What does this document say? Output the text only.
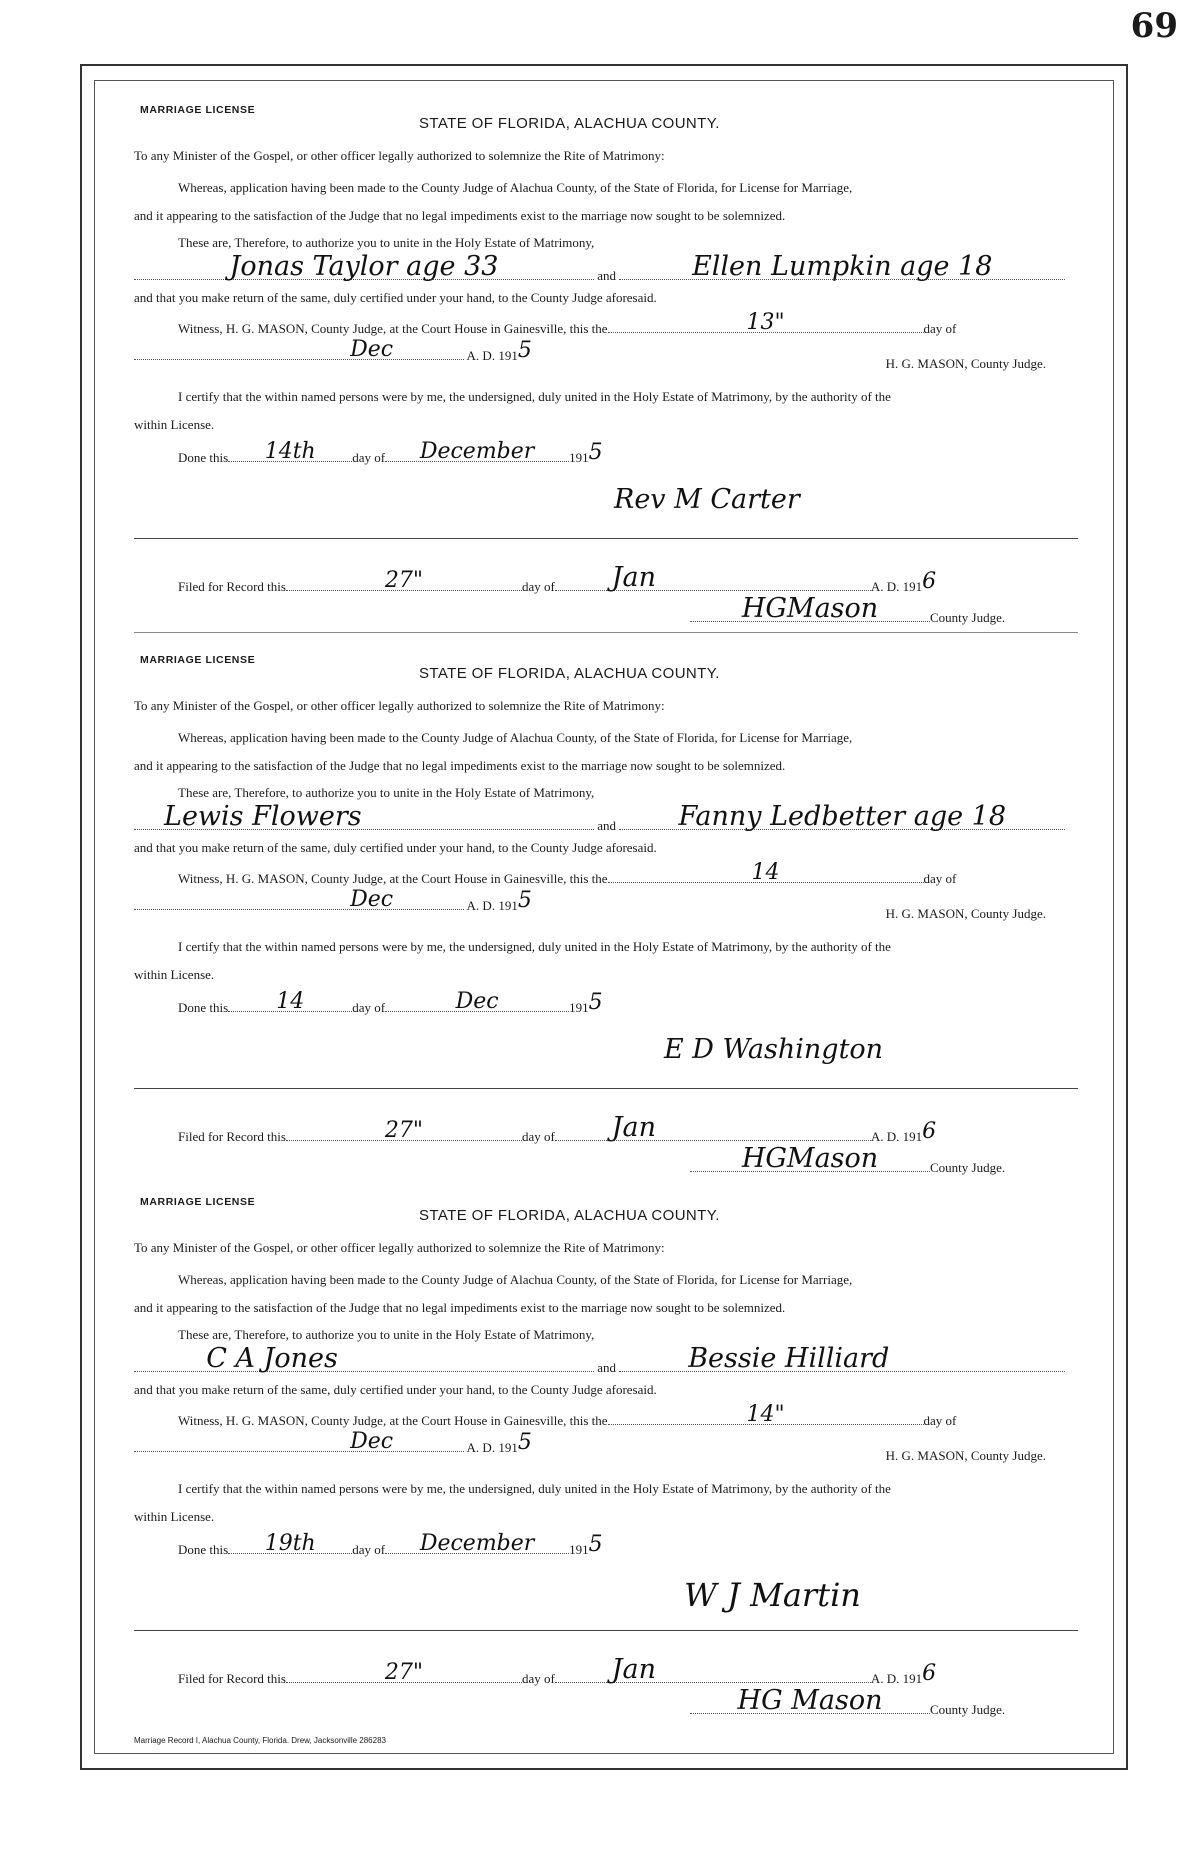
69
MARRIAGE LICENSE
STATE OF FLORIDA, ALACHUA COUNTY.
To any Minister of the Gospel, or other officer legally authorized to solemnize the Rite of Matrimony:
Whereas, application having been made to the County Judge of Alachua County, of the State of Florida, for License for Marriage,
and it appearing to the satisfaction of the Judge that no legal impediments exist to the marriage now sought to be solemnized.
These are, Therefore, to authorize you to unite in the Holy Estate of Matrimony,
Jonas Taylor age 33	and	Ellen Lumpkin age 18
and that you make return of the same, duly certified under your hand, to the County Judge aforesaid.
Witness, H. G. MASON, County Judge, at the Court House in Gainesville, this the	13"	day of
Dec	A. D. 191 5
H. G. MASON, County Judge.
I certify that the within named persons were by me, the undersigned, duly united in the Holy Estate of Matrimony, by the authority of the
within License.
Done this 14th	day of December	191 5
Rev M Carter
Filed for Record this	27"	day of Jan	A. D. 191 6
HGMason	County Judge.
MARRIAGE LICENSE
STATE OF FLORIDA, ALACHUA COUNTY.
To any Minister of the Gospel, or other officer legally authorized to solemnize the Rite of Matrimony:
Whereas, application having been made to the County Judge of Alachua County, of the State of Florida, for License for Marriage,
and it appearing to the satisfaction of the Judge that no legal impediments exist to the marriage now sought to be solemnized.
These are, Therefore, to authorize you to unite in the Holy Estate of Matrimony,
Lewis Flowers	and Fanny Ledbetter age 18
and that you make return of the same, duly certified under your hand, to the County Judge aforesaid.
Witness, H. G. MASON, County Judge, at the Court House in Gainesville, this the	14	day of
Dec	A. D. 191 5
H. G. MASON, County Judge.
I certify that the within named persons were by me, the undersigned, duly united in the Holy Estate of Matrimony, by the authority of the
within License.
Done this 14	day of	Dec	191 5
E D Washington
Filed for Record this	27"	day of Jan	A. D. 191 6
HGMason	County Judge.
MARRIAGE LICENSE
STATE OF FLORIDA, ALACHUA COUNTY.
To any Minister of the Gospel, or other officer legally authorized to solemnize the Rite of Matrimony:
Whereas, application having been made to the County Judge of Alachua County, of the State of Florida, for License for Marriage,
and it appearing to the satisfaction of the Judge that no legal impediments exist to the marriage now sought to be solemnized.
These are, Therefore, to authorize you to unite in the Holy Estate of Matrimony,
C A Jones	and	Bessie Hilliard
and that you make return of the same, duly certified under your hand, to the County Judge aforesaid.
Witness, H. G. MASON, County Judge, at the Court House in Gainesville, this the	14"	day of
Dec	A. D. 191 5
H. G. MASON, County Judge.
I certify that the within named persons were by me, the undersigned, duly united in the Holy Estate of Matrimony, by the authority of the
within License.
Done this 19th	day of December	191 5
W J Martin
Filed for Record this	27"	day of Jan	A. D. 191 6
HG Mason	County Judge.
Marriage Record I, Alachua County, Florida. Drew, Jacksonville 286283
